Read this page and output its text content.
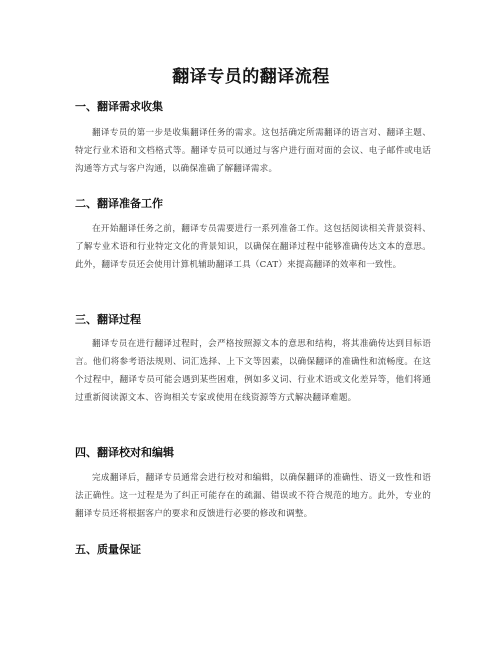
翻译专员的翻译流程
一、翻译需求收集
翻译专员的第一步是收集翻译任务的需求。这包括确定所需翻译的语言对、翻译主题、特定行业术语和文档格式等。翻译专员可以通过与客户进行面对面的会议、电子邮件或电话沟通等方式与客户沟通，以确保准确了解翻译需求。
二、翻译准备工作
在开始翻译任务之前，翻译专员需要进行一系列准备工作。这包括阅读相关背景资料、了解专业术语和行业特定文化的背景知识，以确保在翻译过程中能够准确传达文本的意思。此外，翻译专员还会使用计算机辅助翻译工具（CAT）来提高翻译的效率和一致性。
三、翻译过程
翻译专员在进行翻译过程时，会严格按照源文本的意思和结构，将其准确传达到目标语言。他们将参考语法规则、词汇选择、上下文等因素，以确保翻译的准确性和流畅度。在这个过程中，翻译专员可能会遇到某些困难，例如多义词、行业术语或文化差异等，他们将通过重新阅读源文本、咨询相关专家或使用在线资源等方式解决翻译难题。
四、翻译校对和编辑
完成翻译后，翻译专员通常会进行校对和编辑，以确保翻译的准确性、语义一致性和语法正确性。这一过程是为了纠正可能存在的疏漏、错误或不符合规范的地方。此外，专业的翻译专员还将根据客户的要求和反馈进行必要的修改和调整。
五、质量保证
